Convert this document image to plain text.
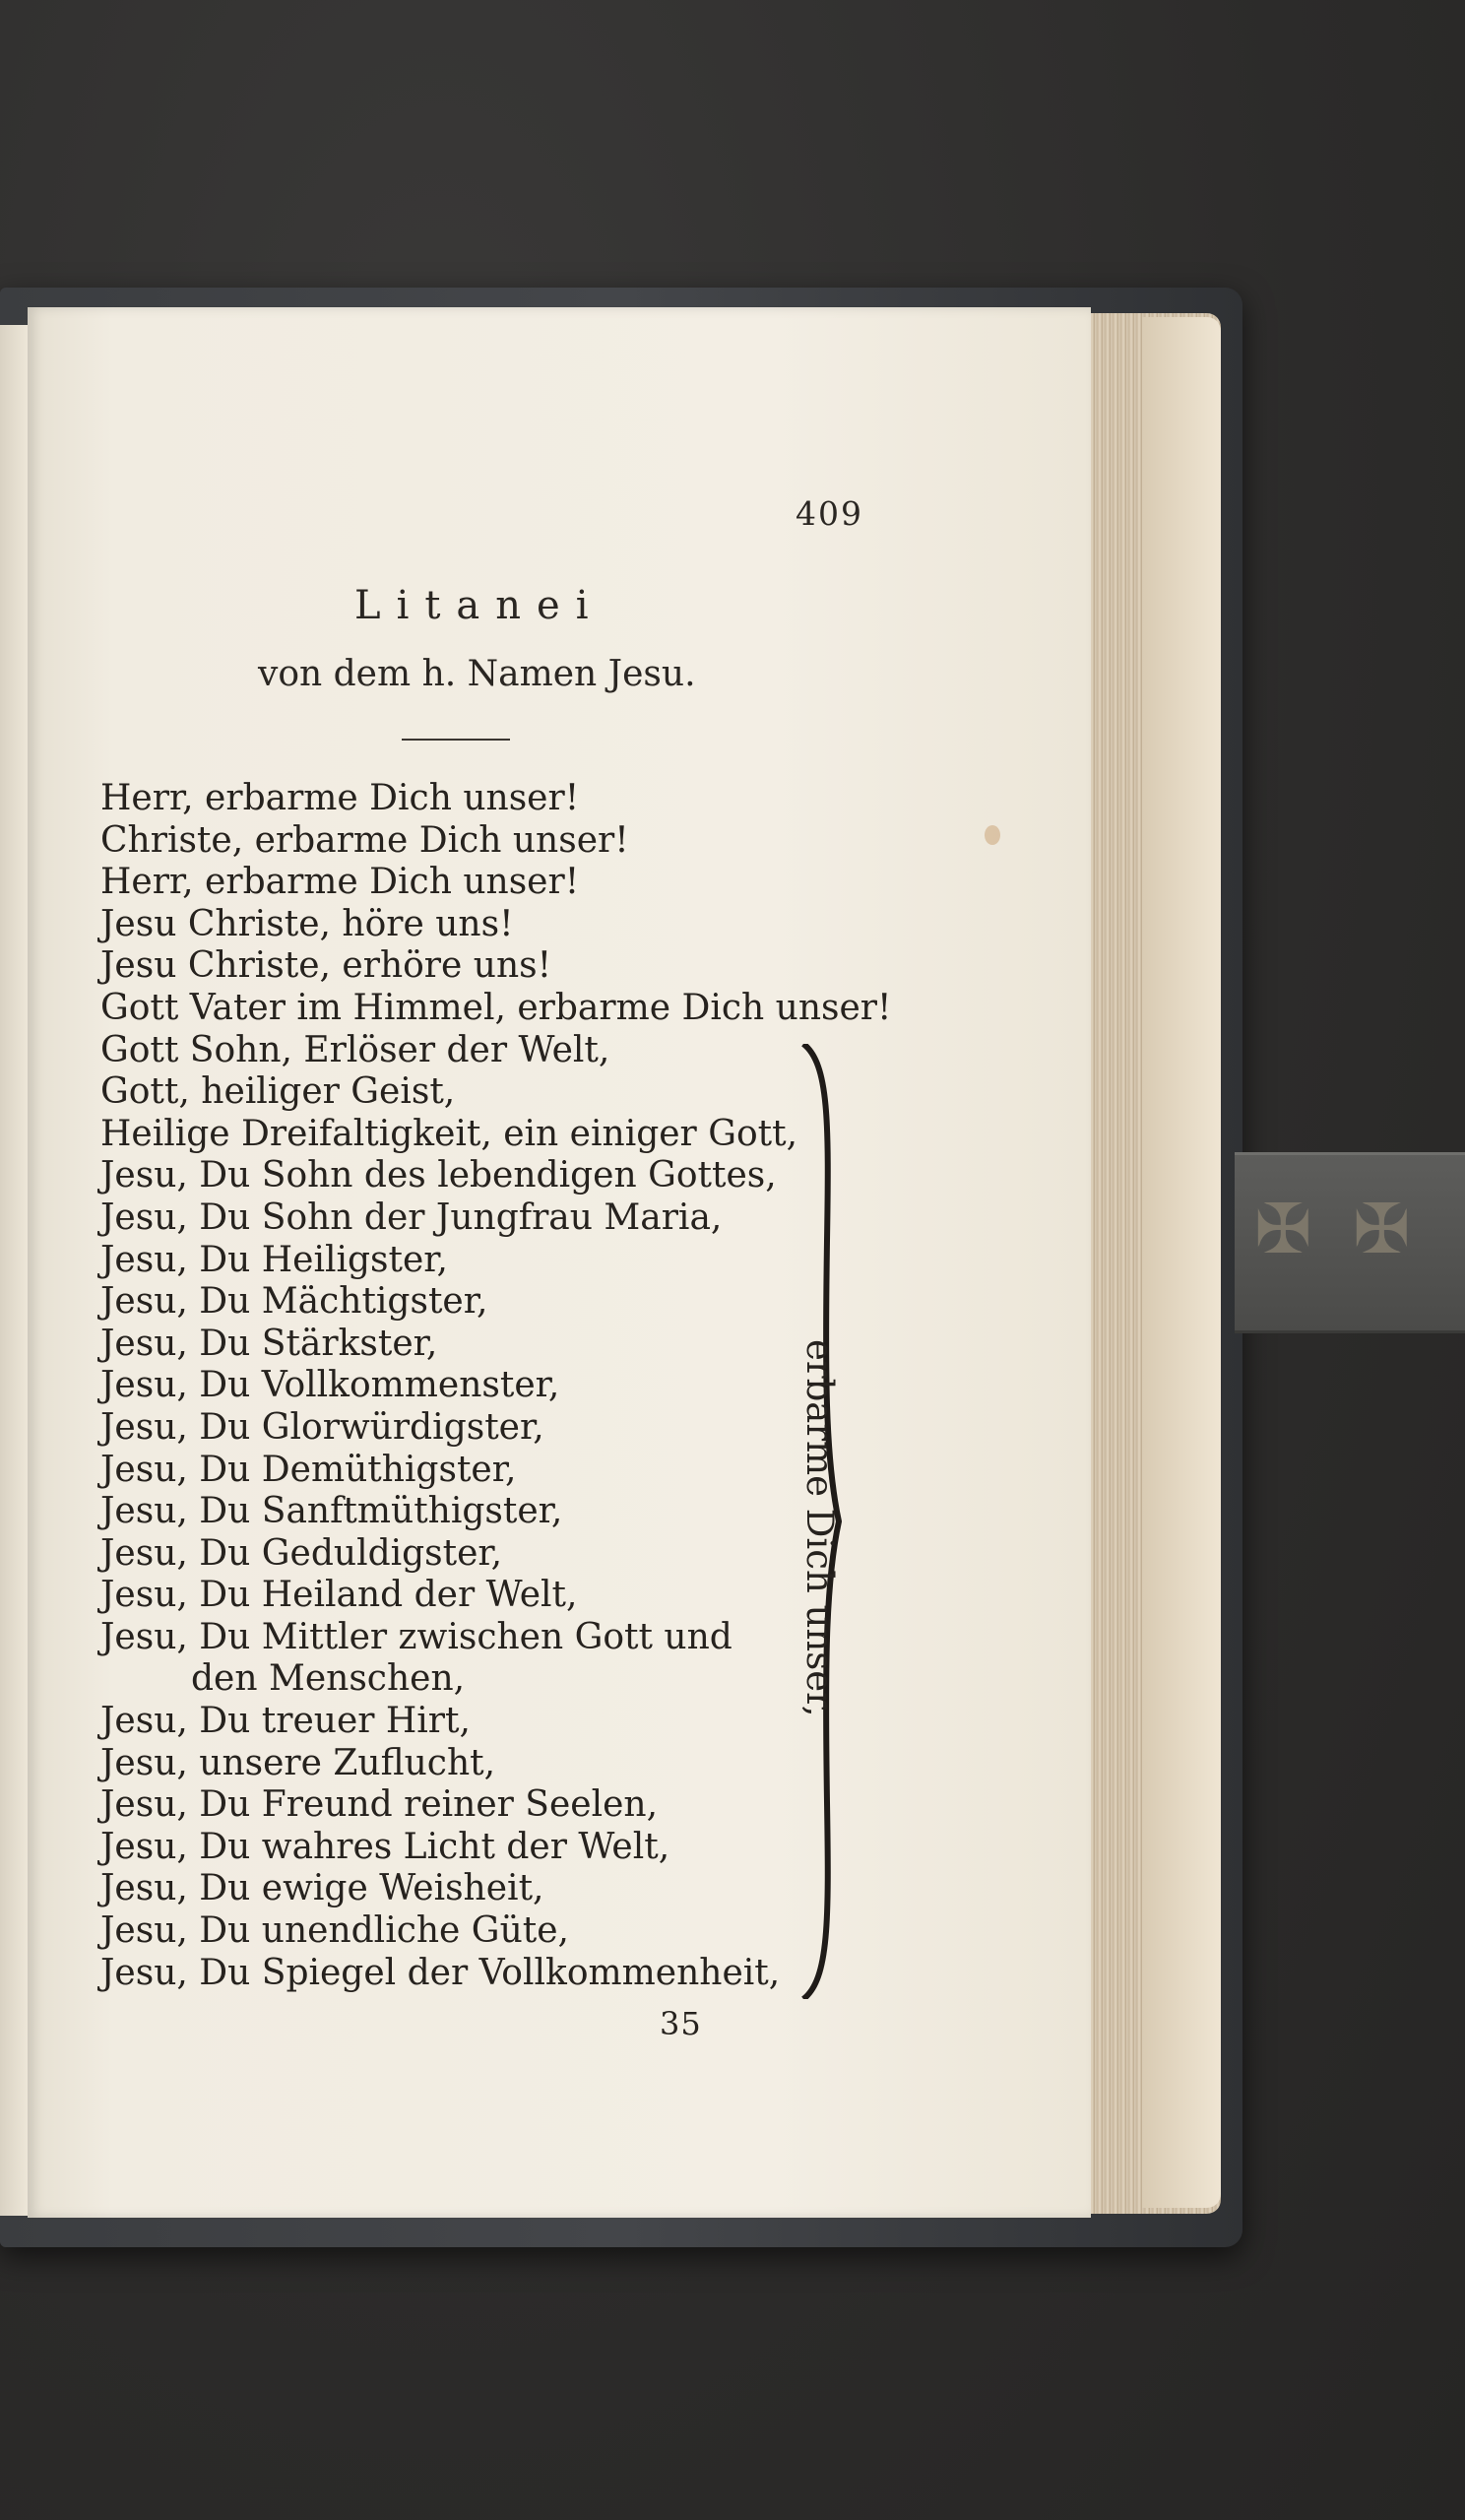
✠ ✠
409
Litanei
von dem h. Namen Jesu.
Herr, erbarme Dich unser!
Christe, erbarme Dich unser!
Herr, erbarme Dich unser!
Jesu Christe, höre uns!
Jesu Christe, erhöre uns!
Gott Vater im Himmel, erbarme Dich unser!
Gott Sohn, Erlöser der Welt,
Gott, heiliger Geist,
Heilige Dreifaltigkeit, ein einiger Gott,
Jesu, Du Sohn des lebendigen Gottes,
Jesu, Du Sohn der Jungfrau Maria,
Jesu, Du Heiligster,
Jesu, Du Mächtigster,
Jesu, Du Stärkster,
Jesu, Du Vollkommenster,
Jesu, Du Glorwürdigster,
Jesu, Du Demüthigster,
Jesu, Du Sanftmüthigster,
Jesu, Du Geduldigster,
Jesu, Du Heiland der Welt,
Jesu, Du Mittler zwischen Gott und
den Menschen,
Jesu, Du treuer Hirt,
Jesu, unsere Zuflucht,
Jesu, Du Freund reiner Seelen,
Jesu, Du wahres Licht der Welt,
Jesu, Du ewige Weisheit,
Jesu, Du unendliche Güte,
Jesu, Du Spiegel der Vollkommenheit,
erbarme Dich unser,
35
